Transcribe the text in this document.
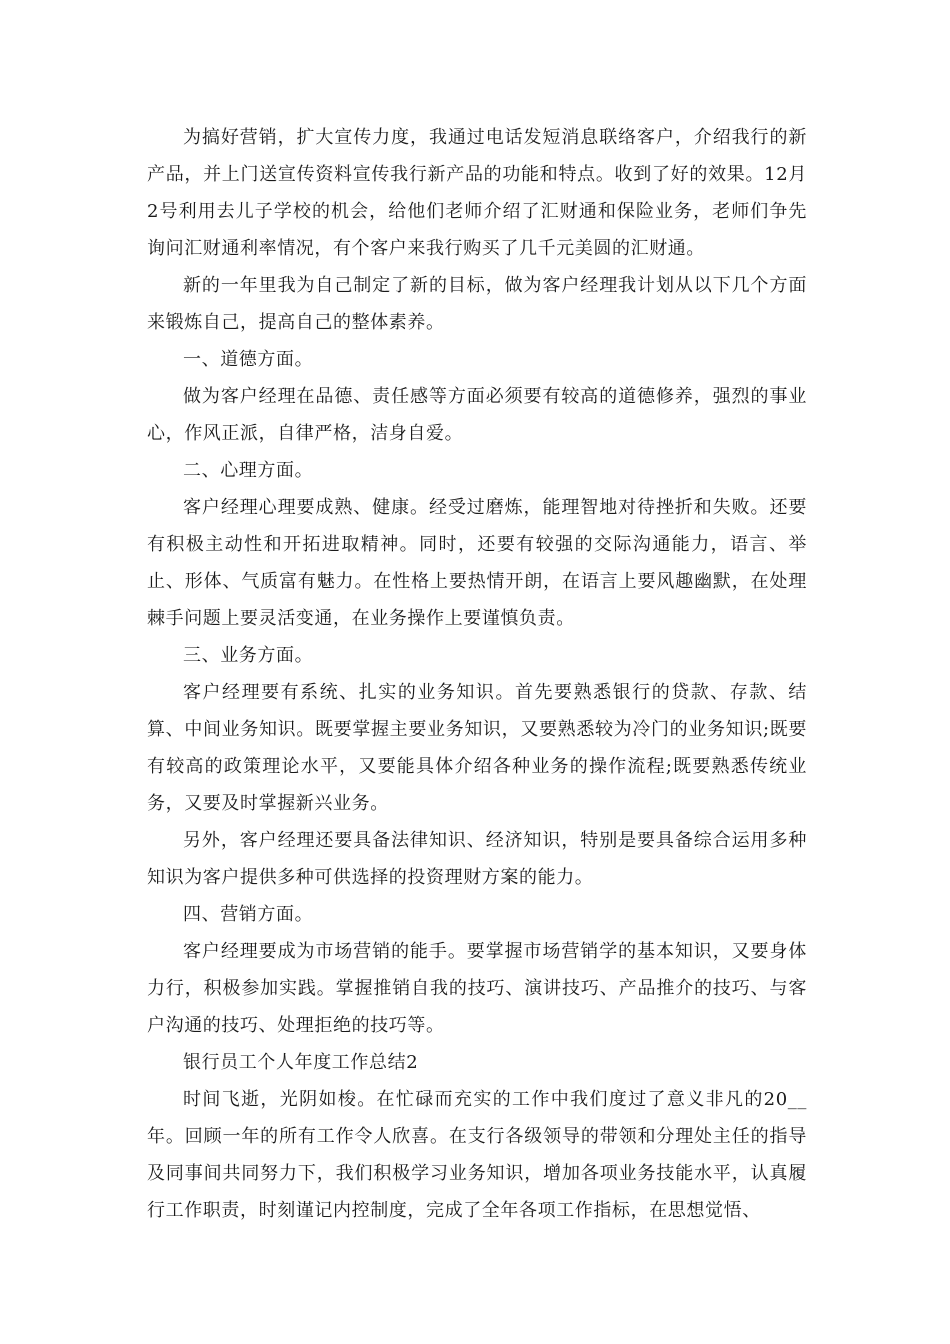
为搞好营销，扩大宣传力度，我通过电话发短消息联络客户，介绍我行的新产品，并上门送宣传资料宣传我行新产品的功能和特点。收到了好的效果。12月2号利用去儿子学校的机会，给他们老师介绍了汇财通和保险业务，老师们争先询问汇财通利率情况，有个客户来我行购买了几千元美圆的汇财通。

新的一年里我为自己制定了新的目标，做为客户经理我计划从以下几个方面来锻炼自己，提高自己的整体素养。

一、道德方面。

做为客户经理在品德、责任感等方面必须要有较高的道德修养，强烈的事业心，作风正派，自律严格，洁身自爱。

二、心理方面。

客户经理心理要成熟、健康。经受过磨炼，能理智地对待挫折和失败。还要有积极主动性和开拓进取精神。同时，还要有较强的交际沟通能力，语言、举止、形体、气质富有魅力。在性格上要热情开朗，在语言上要风趣幽默，在处理棘手问题上要灵活变通，在业务操作上要谨慎负责。

三、业务方面。

客户经理要有系统、扎实的业务知识。首先要熟悉银行的贷款、存款、结算、中间业务知识。既要掌握主要业务知识，又要熟悉较为冷门的业务知识;既要有较高的政策理论水平，又要能具体介绍各种业务的操作流程;既要熟悉传统业务，又要及时掌握新兴业务。

另外，客户经理还要具备法律知识、经济知识，特别是要具备综合运用多种知识为客户提供多种可供选择的投资理财方案的能力。

四、营销方面。

客户经理要成为市场营销的能手。要掌握市场营销学的基本知识，又要身体力行，积极参加实践。掌握推销自我的技巧、演讲技巧、产品推介的技巧、与客户沟通的技巧、处理拒绝的技巧等。

银行员工个人年度工作总结2

时间飞逝，光阴如梭。在忙碌而充实的工作中我们度过了意义非凡的20__年。回顾一年的所有工作令人欣喜。在支行各级领导的带领和分理处主任的指导及同事间共同努力下，我们积极学习业务知识，增加各项业务技能水平，认真履行工作职责，时刻谨记内控制度，完成了全年各项工作指标，在思想觉悟、
